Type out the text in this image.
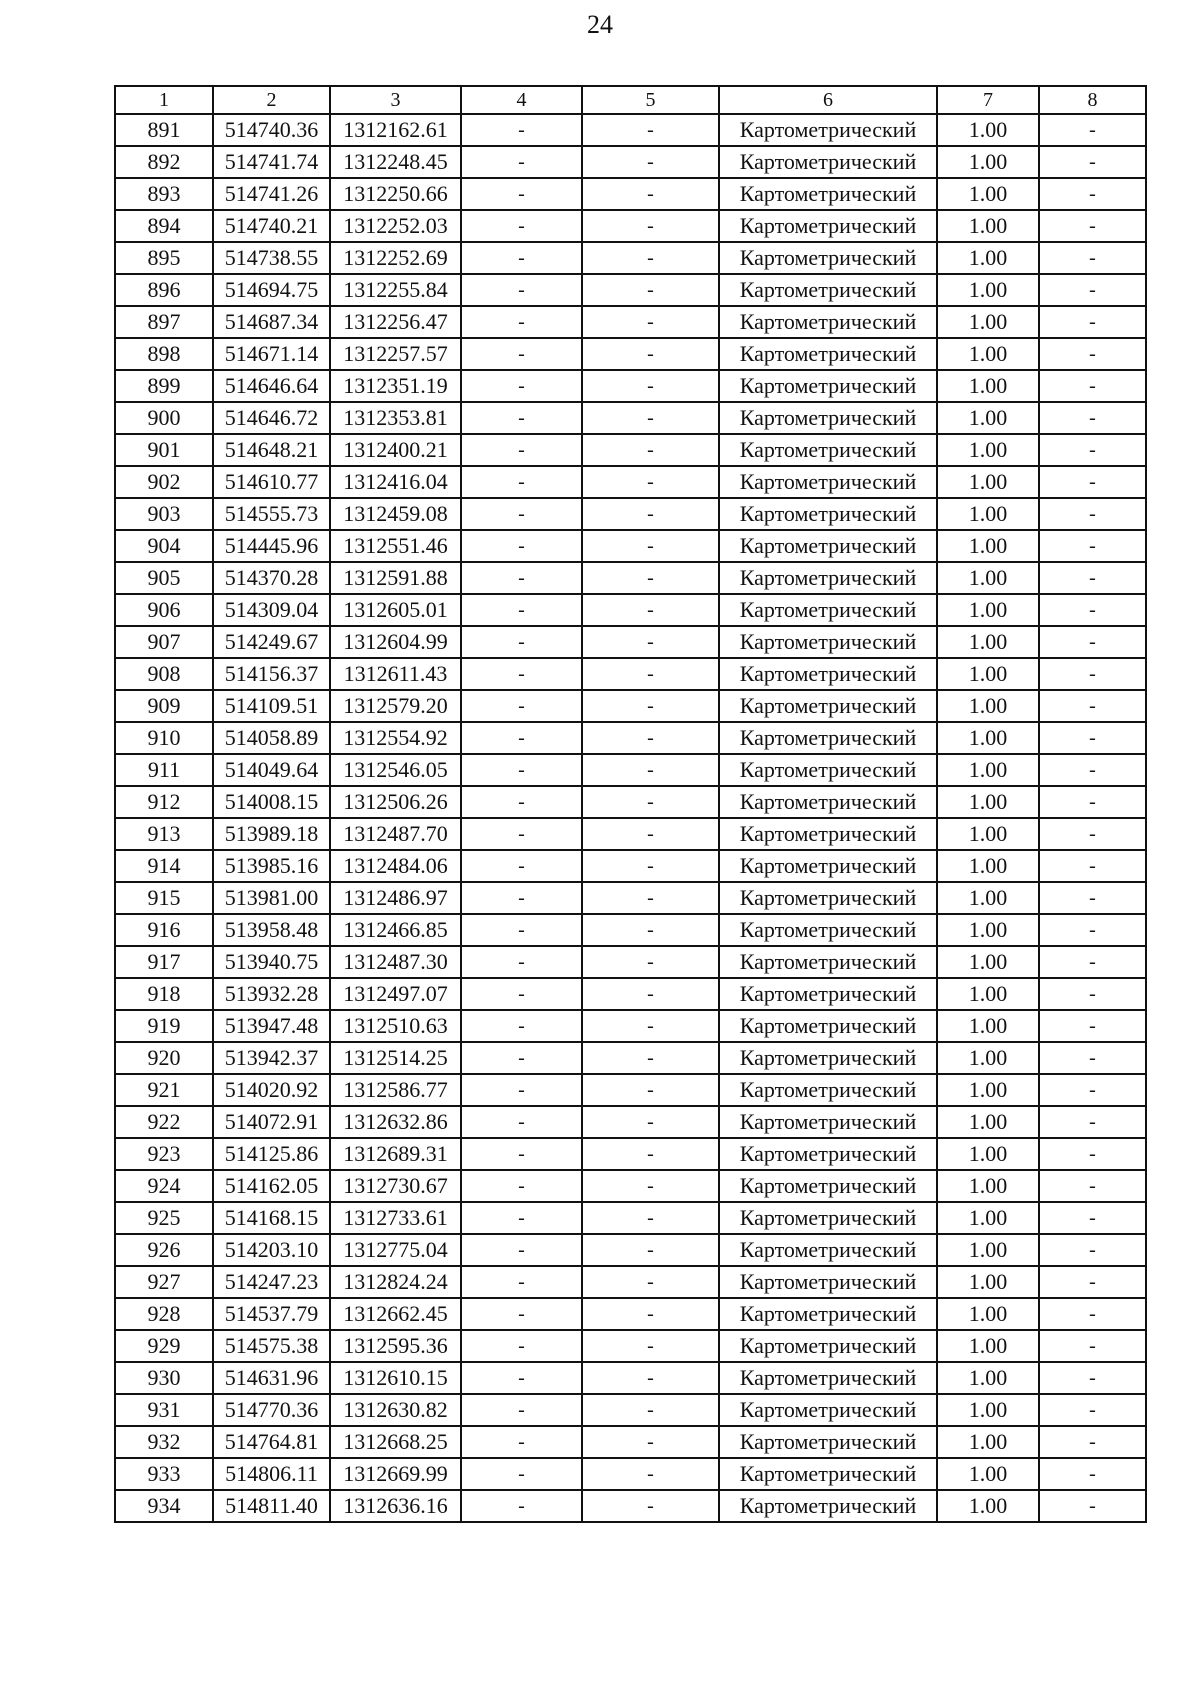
24
1	2	3	4	5	6	7	8
891	514740.36	1312162.61	-	-	Картометрический	1.00	-
892	514741.74	1312248.45	-	-	Картометрический	1.00	-
893	514741.26	1312250.66	-	-	Картометрический	1.00	-
894	514740.21	1312252.03	-	-	Картометрический	1.00	-
895	514738.55	1312252.69	-	-	Картометрический	1.00	-
896	514694.75	1312255.84	-	-	Картометрический	1.00	-
897	514687.34	1312256.47	-	-	Картометрический	1.00	-
898	514671.14	1312257.57	-	-	Картометрический	1.00	-
899	514646.64	1312351.19	-	-	Картометрический	1.00	-
900	514646.72	1312353.81	-	-	Картометрический	1.00	-
901	514648.21	1312400.21	-	-	Картометрический	1.00	-
902	514610.77	1312416.04	-	-	Картометрический	1.00	-
903	514555.73	1312459.08	-	-	Картометрический	1.00	-
904	514445.96	1312551.46	-	-	Картометрический	1.00	-
905	514370.28	1312591.88	-	-	Картометрический	1.00	-
906	514309.04	1312605.01	-	-	Картометрический	1.00	-
907	514249.67	1312604.99	-	-	Картометрический	1.00	-
908	514156.37	1312611.43	-	-	Картометрический	1.00	-
909	514109.51	1312579.20	-	-	Картометрический	1.00	-
910	514058.89	1312554.92	-	-	Картометрический	1.00	-
911	514049.64	1312546.05	-	-	Картометрический	1.00	-
912	514008.15	1312506.26	-	-	Картометрический	1.00	-
913	513989.18	1312487.70	-	-	Картометрический	1.00	-
914	513985.16	1312484.06	-	-	Картометрический	1.00	-
915	513981.00	1312486.97	-	-	Картометрический	1.00	-
916	513958.48	1312466.85	-	-	Картометрический	1.00	-
917	513940.75	1312487.30	-	-	Картометрический	1.00	-
918	513932.28	1312497.07	-	-	Картометрический	1.00	-
919	513947.48	1312510.63	-	-	Картометрический	1.00	-
920	513942.37	1312514.25	-	-	Картометрический	1.00	-
921	514020.92	1312586.77	-	-	Картометрический	1.00	-
922	514072.91	1312632.86	-	-	Картометрический	1.00	-
923	514125.86	1312689.31	-	-	Картометрический	1.00	-
924	514162.05	1312730.67	-	-	Картометрический	1.00	-
925	514168.15	1312733.61	-	-	Картометрический	1.00	-
926	514203.10	1312775.04	-	-	Картометрический	1.00	-
927	514247.23	1312824.24	-	-	Картометрический	1.00	-
928	514537.79	1312662.45	-	-	Картометрический	1.00	-
929	514575.38	1312595.36	-	-	Картометрический	1.00	-
930	514631.96	1312610.15	-	-	Картометрический	1.00	-
931	514770.36	1312630.82	-	-	Картометрический	1.00	-
932	514764.81	1312668.25	-	-	Картометрический	1.00	-
933	514806.11	1312669.99	-	-	Картометрический	1.00	-
934	514811.40	1312636.16	-	-	Картометрический	1.00	-
